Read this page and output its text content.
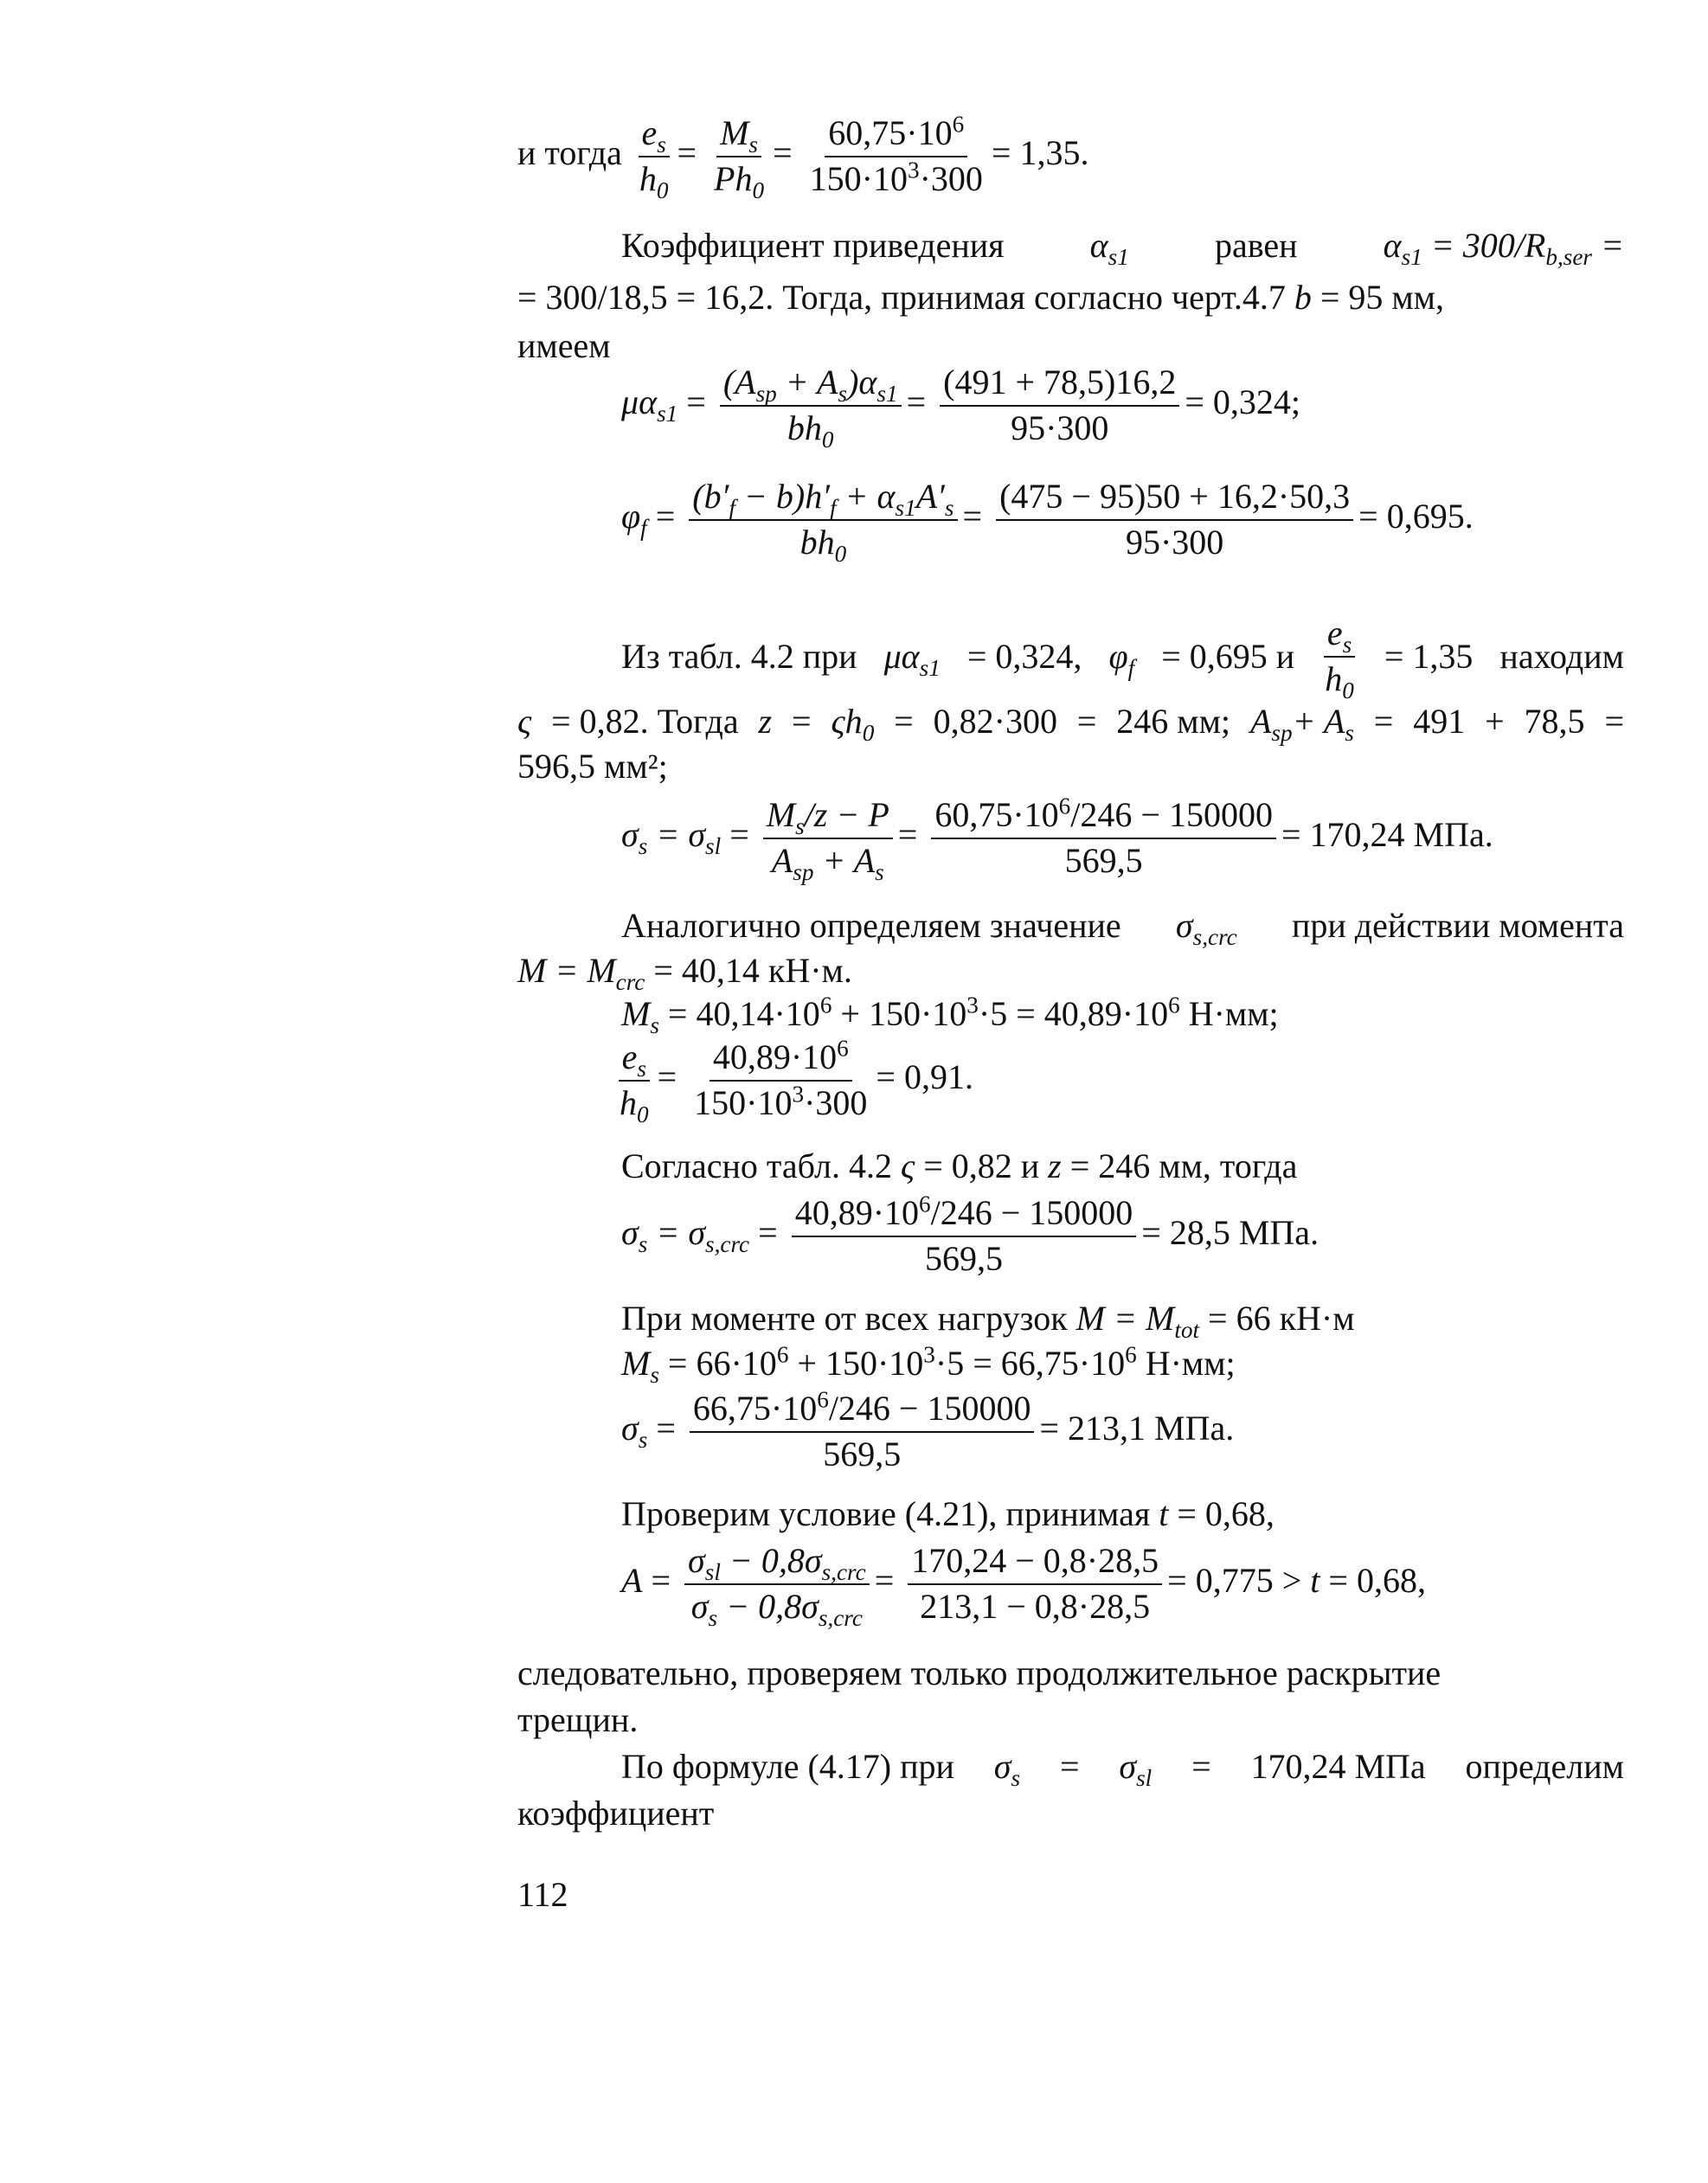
и тогда $\frac{e_s}{h_0} = \frac{M_s}{Ph_0} = \frac{60,75\cdot 10^6}{150\cdot 10^3\cdot 300} = 1,35$.
Коэффициент приведения $\alpha_{s1}$ равен $\alpha_{s1} = 300/R_{b,ser}$ =
= 300/18,5 = 16,2. Тогда, принимая согласно черт.4.7 b = 95 мм,
имеем
$\mu\alpha_{s1}$ =
$(A_{sp} + A_s)\alpha_{s1}$
$bh_0$
= $\frac{(491 + 78,5)16,2}{95\cdot 300} = 0,324$;
$\varphi_f = \frac{(b'_f - b)h'_f + \alpha_{s1}A'_s}{bh_0} = \frac{(475 - 95)50 + 16,2\cdot 50,3}{95\cdot 300} = 0,695$.
Из табл. 4.2 при $\mu\alpha_{s1} = 0,324$, $\varphi_f = 0,695$ и $\frac{e_s}{h_0} = 1,35$ находим
ς = 0,82. Тогда $z = \varsigma h_0 = 0,82\cdot 300 = 246$ мм; $A_{sp}+ A_s = 491 + 78,5$ =
596,5 мм²;
$\sigma_s = \sigma_{sl}$ =
$M_s/z - P$
$A_{sp} + A_s$
= $\frac{60,75\cdot 10^6/246 - 150000}{569,5} = 170,24$ МПа.
Аналогично определяем значение $\sigma_{s,crc}$ при действии момента
$M = M_{crc} = 40,14$ кН·м.
$M_s = 40,14\cdot 10^6 + 150\cdot 10^3\cdot 5 = 40,89\cdot 10^6$ Н·мм;
$\frac{e_s}{h_0} = \frac{40,89\cdot 10^6}{150\cdot 10^3\cdot 300} = 0,91$.
Согласно табл. 4.2 ς = 0,82 и z = 246 мм, тогда
$\sigma_s = \sigma_{s,crc} = \frac{40,89\cdot 10^6/246 - 150000}{569,5} = 28,5$ МПа.
При моменте от всех нагрузок $M = M_{tot} = 66$ кН·м
$M_s = 66\cdot 10^6 + 150\cdot 10^3\cdot 5 = 66,75\cdot 10^6$ Н·мм;
$\sigma_s = \frac{66,75\cdot 10^6/246 - 150000}{569,5} = 213,1$ МПа.
Проверим условие (4.21), принимая t = 0,68,
A =
$\sigma_{sl} - 0,8\sigma_{s,crc}$
$\sigma_s - 0,8\sigma_{s,crc}$
= $\frac{170,24 - 0,8\cdot 28,5}{213,1 - 0,8\cdot 28,5} = 0,775 > t = 0,68$,
следовательно, проверяем только продолжительное раскрытие
трещин.
По формуле (4.17) при $\sigma_s = \sigma_{sl} = 170,24$ МПа определим
коэффициент
112
